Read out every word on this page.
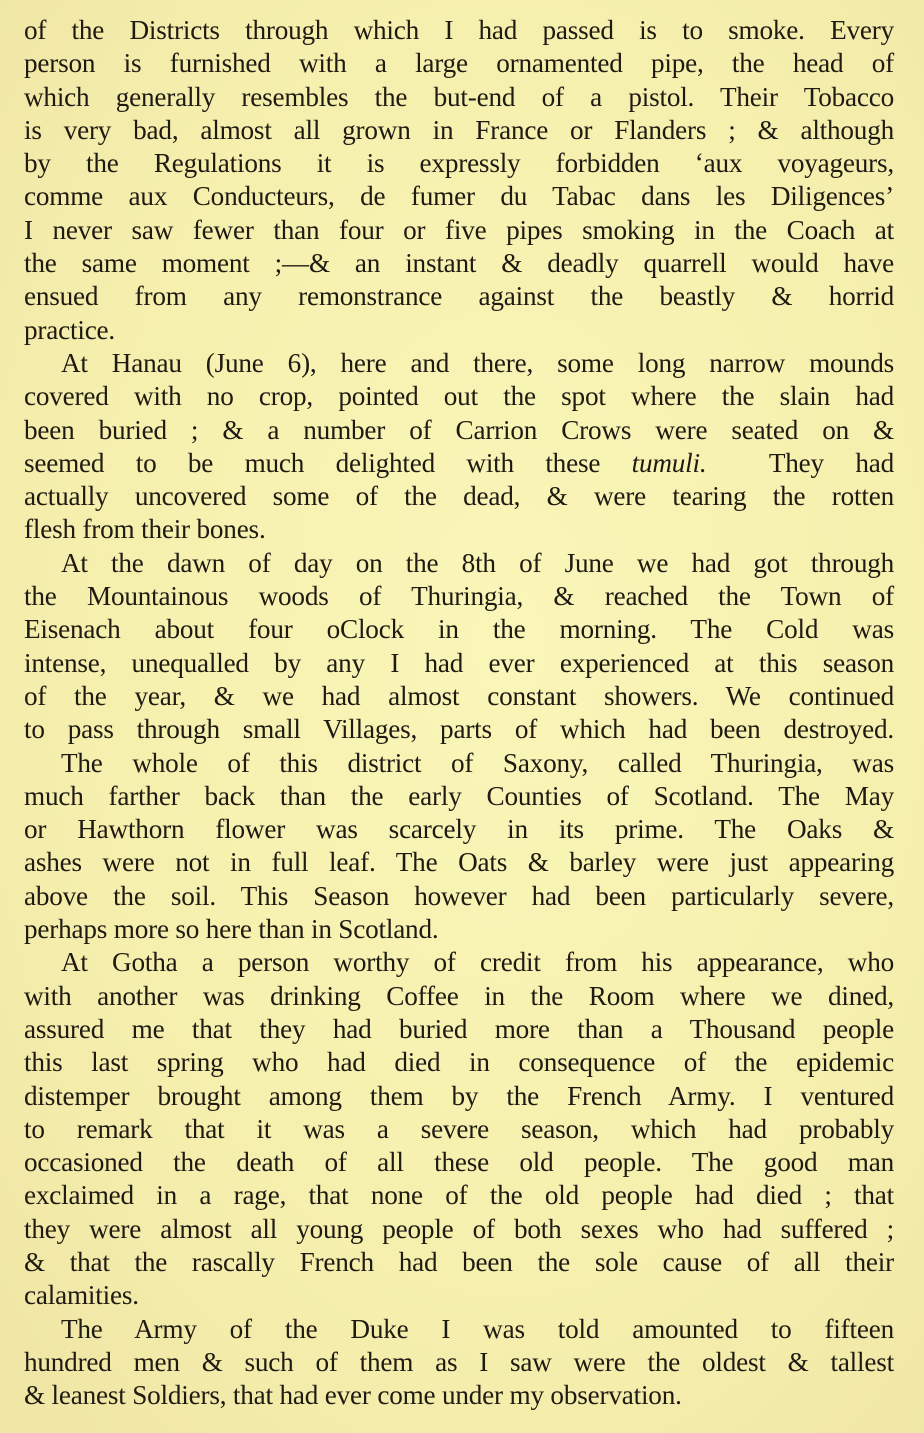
of the Districts through which I had passed is to smoke. Every
person is furnished with a large ornamented pipe, the head of
which generally resembles the but-end of a pistol. Their Tobacco
is very bad, almost all grown in France or Flanders ; & although
by the Regulations it is expressly forbidden ‘aux voyageurs,
comme aux Conducteurs, de fumer du Tabac dans les Diligences’
I never saw fewer than four or five pipes smoking in the Coach at
the same moment ;—& an instant & deadly quarrell would have
ensued from any remonstrance against the beastly & horrid
practice.
At Hanau (June 6), here and there, some long narrow mounds
covered with no crop, pointed out the spot where the slain had
been buried ; & a number of Carrion Crows were seated on &
seemed to be much delighted with these tumuli.  They had
actually uncovered some of the dead, & were tearing the rotten
flesh from their bones.
At the dawn of day on the 8th of June we had got through
the Mountainous woods of Thuringia, & reached the Town of
Eisenach about four oClock in the morning. The Cold was
intense, unequalled by any I had ever experienced at this season
of the year, & we had almost constant showers. We continued
to pass through small Villages, parts of which had been destroyed.
The whole of this district of Saxony, called Thuringia, was
much farther back than the early Counties of Scotland. The May
or Hawthorn flower was scarcely in its prime. The Oaks &
ashes were not in full leaf. The Oats & barley were just appearing
above the soil. This Season however had been particularly severe,
perhaps more so here than in Scotland.
At Gotha a person worthy of credit from his appearance, who
with another was drinking Coffee in the Room where we dined,
assured me that they had buried more than a Thousand people
this last spring who had died in consequence of the epidemic
distemper brought among them by the French Army. I ventured
to remark that it was a severe season, which had probably
occasioned the death of all these old people. The good man
exclaimed in a rage, that none of the old people had died ; that
they were almost all young people of both sexes who had suffered ;
& that the rascally French had been the sole cause of all their
calamities.
The Army of the Duke I was told amounted to fifteen
hundred men & such of them as I saw were the oldest & tallest
& leanest Soldiers, that had ever come under my observation.
